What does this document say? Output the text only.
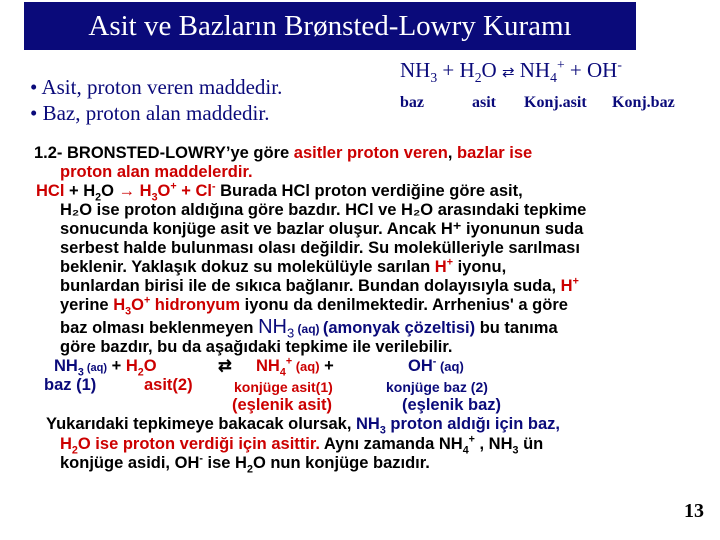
Asit ve Bazların Brønsted-Lowry Kuramı
• Asit, proton veren maddedir.
• Baz, proton alan maddedir.
$NH_3 + H_2O$ ⇄ $NH_4^+ + OH^-$
baz	asit Konj.asit Konj.baz
1.2- BRONSTED-LOWRY’ye göre asitler proton veren, bazlar ise
proton alan maddelerdir.
HCl + $H_2O \to H_3O^+ + Cl^-$ Burada HCl proton verdiğine göre asit,
H₂O ise proton aldığına göre bazdır. HCl ve H₂O arasındaki tepkime
sonucunda konjüge asit ve bazlar oluşur. Ancak H⁺ iyonunun suda
serbest halde bulunması olası değildir. Su molekülleriyle sarılması
beklenir. Yaklaşık dokuz su molekülüyle sarılan H+ iyonu,
bunlardan birisi ile de sıkıca bağlanır. Bundan dolayısıyla suda, H+
yerine $H_3O^+$ hidronyum iyonu da denilmektedir. Arrhenius' a göre
baz olması beklenmeyen $NH_3$ (aq) (amonyak çözeltisi) bu tanıma
göre bazdır, bu da aşağıdaki tepkime ile verilebilir.
$NH_3$ $(aq) + H_2O$	⇄ $NH_4^+$ (aq) +	OH- (aq)
baz (1)	asit(2)	konjüge asit(1)	konjüge baz (2)
(eşlenik asit)	(eşlenik baz)
Yukarıdaki tepkimeye bakacak olursak, $NH_3$ proton aldığı için baz,
$H_2O$ ise proton verdiği için asittir. Aynı zamanda $NH_4^+$ , $NH_3$ ün
konjüge asidi, OH- ise $H_2O$ nun konjüge bazıdır.
13
